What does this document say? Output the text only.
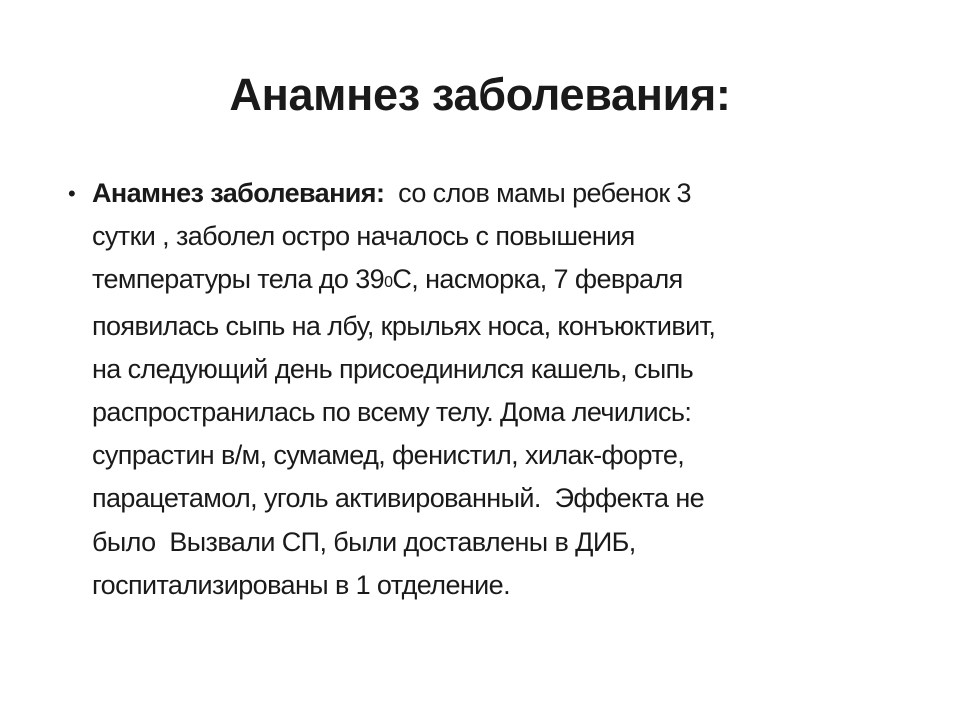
Анамнез заболевания:
• Анамнез заболевания:  со слов мамы ребенок 3
сутки , заболел остро началось с повышения
температуры тела до 390С, насморка, 7 февраля
появилась сыпь на лбу, крыльях носа, конъюктивит,
на следующий день присоединился кашель, сыпь
распространилась по всему телу. Дома лечились:
супрастин в/м, сумамед, фенистил, хилак-форте,
парацетамол, уголь активированный.  Эффекта не
было  Вызвали СП, были доставлены в ДИБ,
госпитализированы в 1 отделение.
